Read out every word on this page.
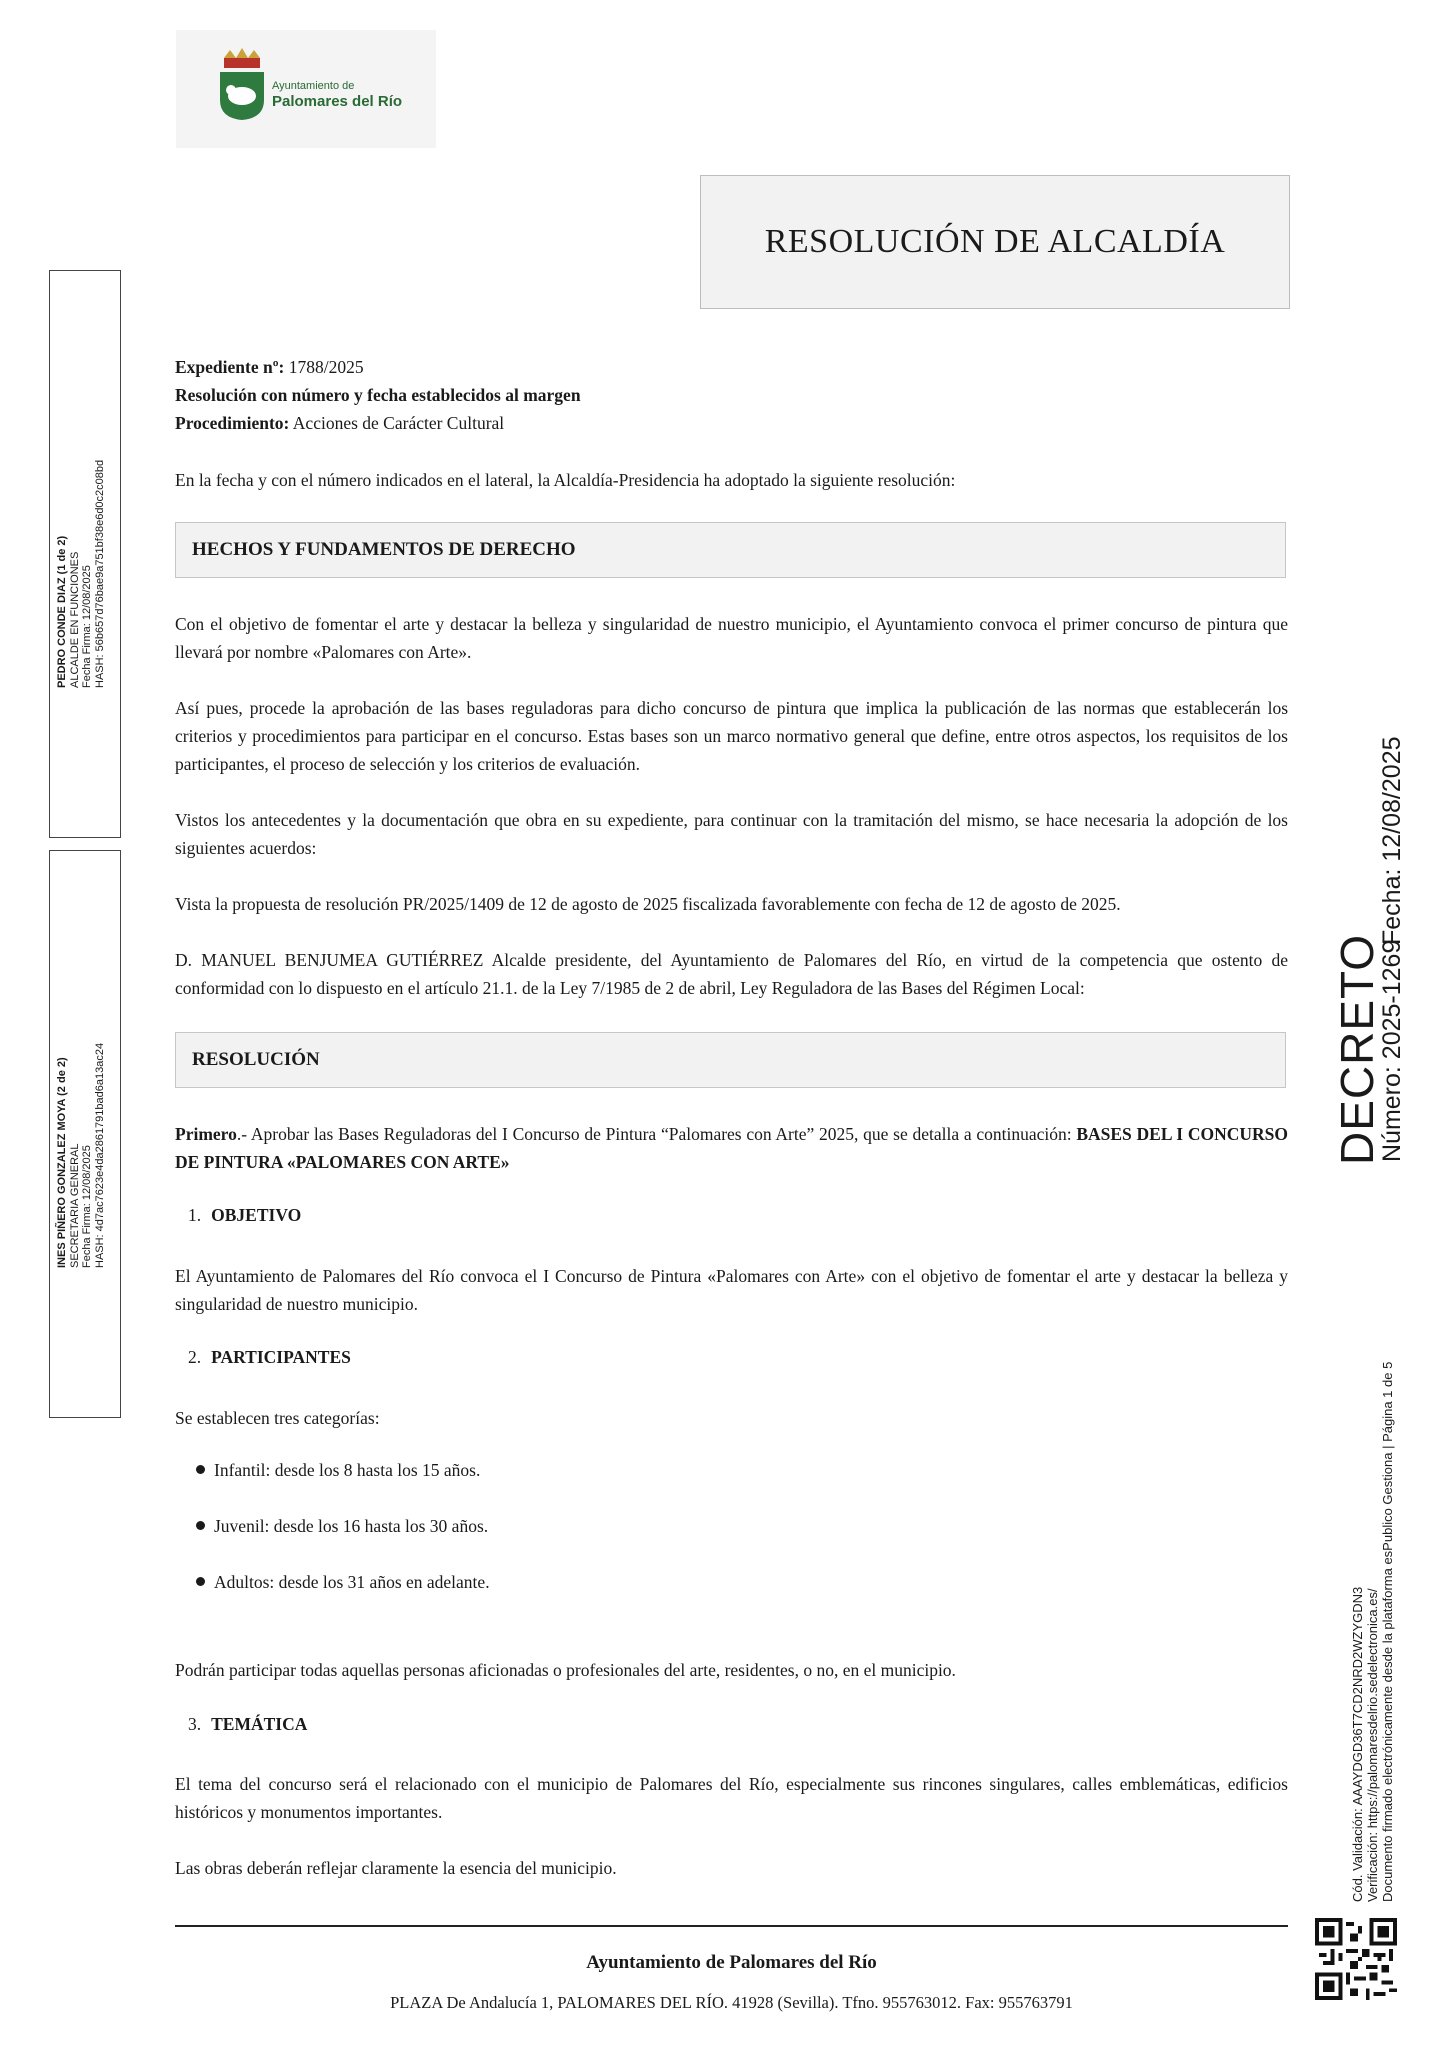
Ayuntamiento de
Palomares del Río
RESOLUCIÓN DE ALCALDÍA
Expediente nº: 1788/2025
Resolución con número y fecha establecidos al margen
Procedimiento: Acciones de Carácter Cultural
En la fecha y con el número indicados en el lateral, la Alcaldía-Presidencia ha adoptado la siguiente resolución:
HECHOS Y FUNDAMENTOS DE DERECHO
Con el objetivo de fomentar el arte y destacar la belleza y singularidad de nuestro municipio, el Ayuntamiento convoca el primer concurso de pintura que llevará por nombre «Palomares con Arte».
Así pues, procede la aprobación de las bases reguladoras para dicho concurso de pintura que implica la publicación de las normas que establecerán los criterios y procedimientos para participar en el concurso. Estas bases son un marco normativo general que define, entre otros aspectos, los requisitos de los participantes, el proceso de selección y los criterios de evaluación.
Vistos los antecedentes y la documentación que obra en su expediente, para continuar con la tramitación del mismo, se hace necesaria la adopción de los siguientes acuerdos:
Vista la propuesta de resolución PR/2025/1409 de 12 de agosto de 2025 fiscalizada favorablemente con fecha de 12 de agosto de 2025.
D. MANUEL BENJUMEA GUTIÉRREZ Alcalde presidente, del Ayuntamiento de Palomares del Río, en virtud de la competencia que ostento de conformidad con lo dispuesto en el artículo 21.1. de la Ley 7/1985 de 2 de abril, Ley Reguladora de las Bases del Régimen Local:
RESOLUCIÓN
Primero.- Aprobar las Bases Reguladoras del I Concurso de Pintura “Palomares con Arte” 2025, que se detalla a continuación: BASES DEL I CONCURSO DE PINTURA «PALOMARES CON ARTE»
1. OBJETIVO
El Ayuntamiento de Palomares del Río convoca el I Concurso de Pintura «Palomares con Arte» con el objetivo de fomentar el arte y destacar la belleza y singularidad de nuestro municipio.
2. PARTICIPANTES
Se establecen tres categorías:
Infantil: desde los 8 hasta los 15 años.
Juvenil: desde los 16 hasta los 30 años.
Adultos: desde los 31 años en adelante.
Podrán participar todas aquellas personas aficionadas o profesionales del arte, residentes, o no, en el municipio.
3. TEMÁTICA
El tema del concurso será el relacionado con el municipio de Palomares del Río, especialmente sus rincones singulares, calles emblemáticas, edificios históricos y monumentos importantes.
Las obras deberán reflejar claramente la esencia del municipio.
Ayuntamiento de Palomares del Río
PLAZA De Andalucía 1, PALOMARES DEL RÍO. 41928 (Sevilla). Tfno. 955763012. Fax: 955763791
PEDRO CONDE DIAZ (1 de 2) ALCALDE EN FUNCIONES Fecha Firma: 12/08/2025 HASH: 56b657d76bae9a751bf38e6d0c2c08bd
INES PIÑERO GONZALEZ MOYA (2 de 2) SECRETARIA GENERAL Fecha Firma: 12/08/2025 HASH: 4d7ac7623e4da2861791bad6a13ac24	DECRETO
Número: 2025-1269
Fecha: 12/08/2025
Cód. Validación: AAAYDGD36T7CD2NRD2WZYGDN3 Verificación: https://palomaresdelrio.sedelectronica.es/ Documento firmado electrónicamente desde la plataforma esPublico Gestiona | Página 1 de 5
